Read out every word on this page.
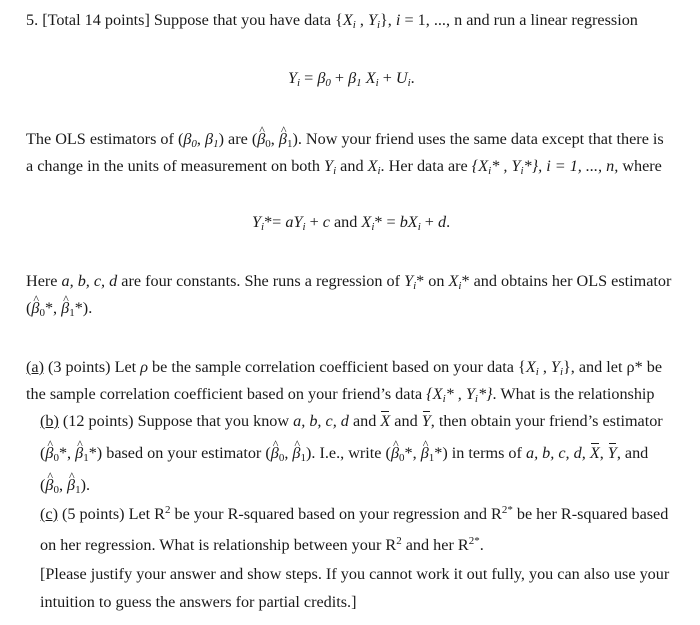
5. [Total 14 points] Suppose that you have data {$X_i$ , $Y_i$}, i = 1, ..., n and run a linear regression
$Y_i = \beta_0 + \beta_1$ $X_i + U_i$.
The OLS estimators of ($\beta_0$, $\beta_1$) are (^ $\beta_0$, ^ $\beta_1$). Now your friend uses the same data except that there is
a change in the units of measurement on both $Y_i$ and $X_i$. Her data are {$X_i*$ , $Y_i*$}, i = 1, ..., n, where
$Y_i*= aY_i + c$ and $X_i* = bX_i + d$.
Here a, b, c, d are four constants. She runs a regression of $Y_i*$ on $X_i*$ and obtains her OLS estimator
(^ $\beta_0*$, ^ $\beta_1*$).
(a) (3 points) Let ρ be the sample correlation coefficient based on your data {$X_i$ , $Y_i$}, and let ρ* be
the sample correlation coefficient based on your friend’s data {$X_i*$ , $Y_i*$}. What is the relationship
(b) (12 points) Suppose that you know a, b, c, d and X and Y, then obtain your friend’s estimator
(^ $\beta_0*$, ^ $\beta_1*$) based on your estimator (^ $\beta_0$, ^ $\beta_1$). I.e., write (^ $\beta_0*$, ^ $\beta_1*$) in terms of a, b, c, d, X, Y, and
(^ $\beta_0$, ^ $\beta_1$).
(c) (5 points) Let $R^2$ be your R-squared based on your regression and $R^{2*}$ be her R-squared based
on her regression. What is relationship between your $R^2$ and her $R^{2*}$.
[Please justify your answer and show steps. If you cannot work it out fully, you can also use your
intuition to guess the answers for partial credits.]
